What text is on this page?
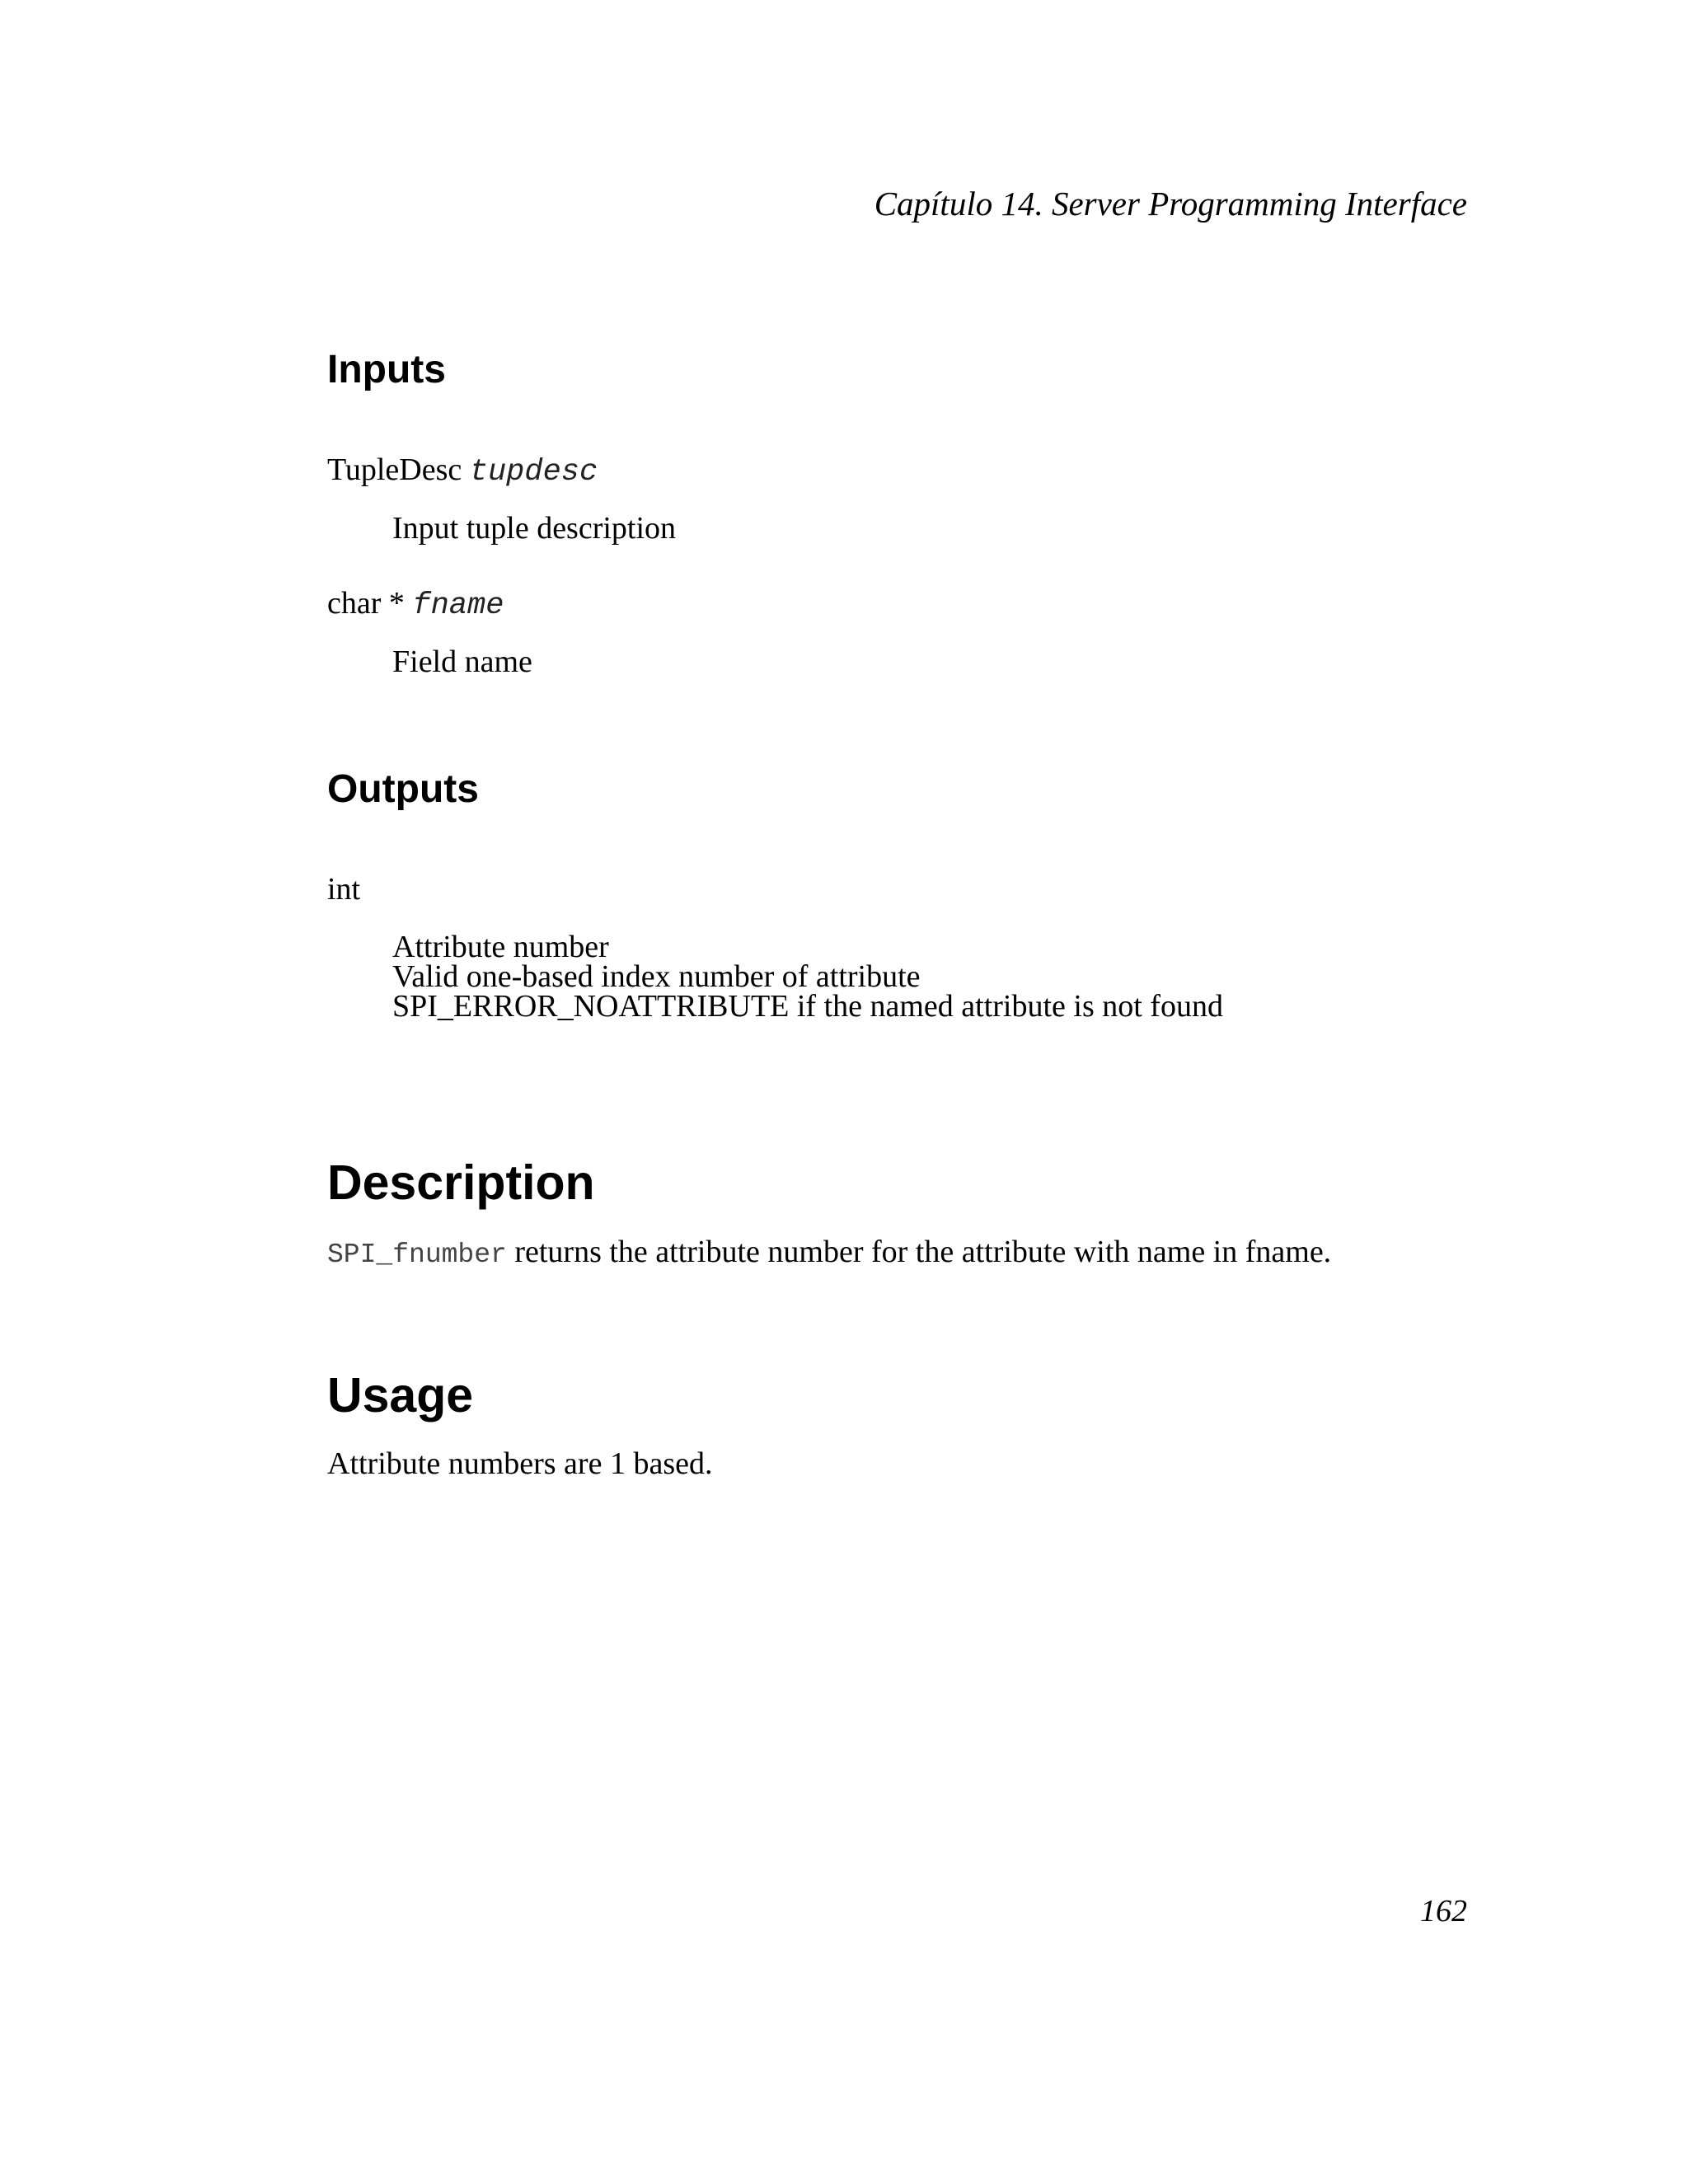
Capítulo 14. Server Programming Interface
Inputs
TupleDesc tupdesc
Input tuple description
char * fname
Field name
Outputs
int
Attribute number
Valid one-based index number of attribute
SPI_ERROR_NOATTRIBUTE if the named attribute is not found
Description
SPI_fnumber returns the attribute number for the attribute with name in fname.
Usage
Attribute numbers are 1 based.
162
